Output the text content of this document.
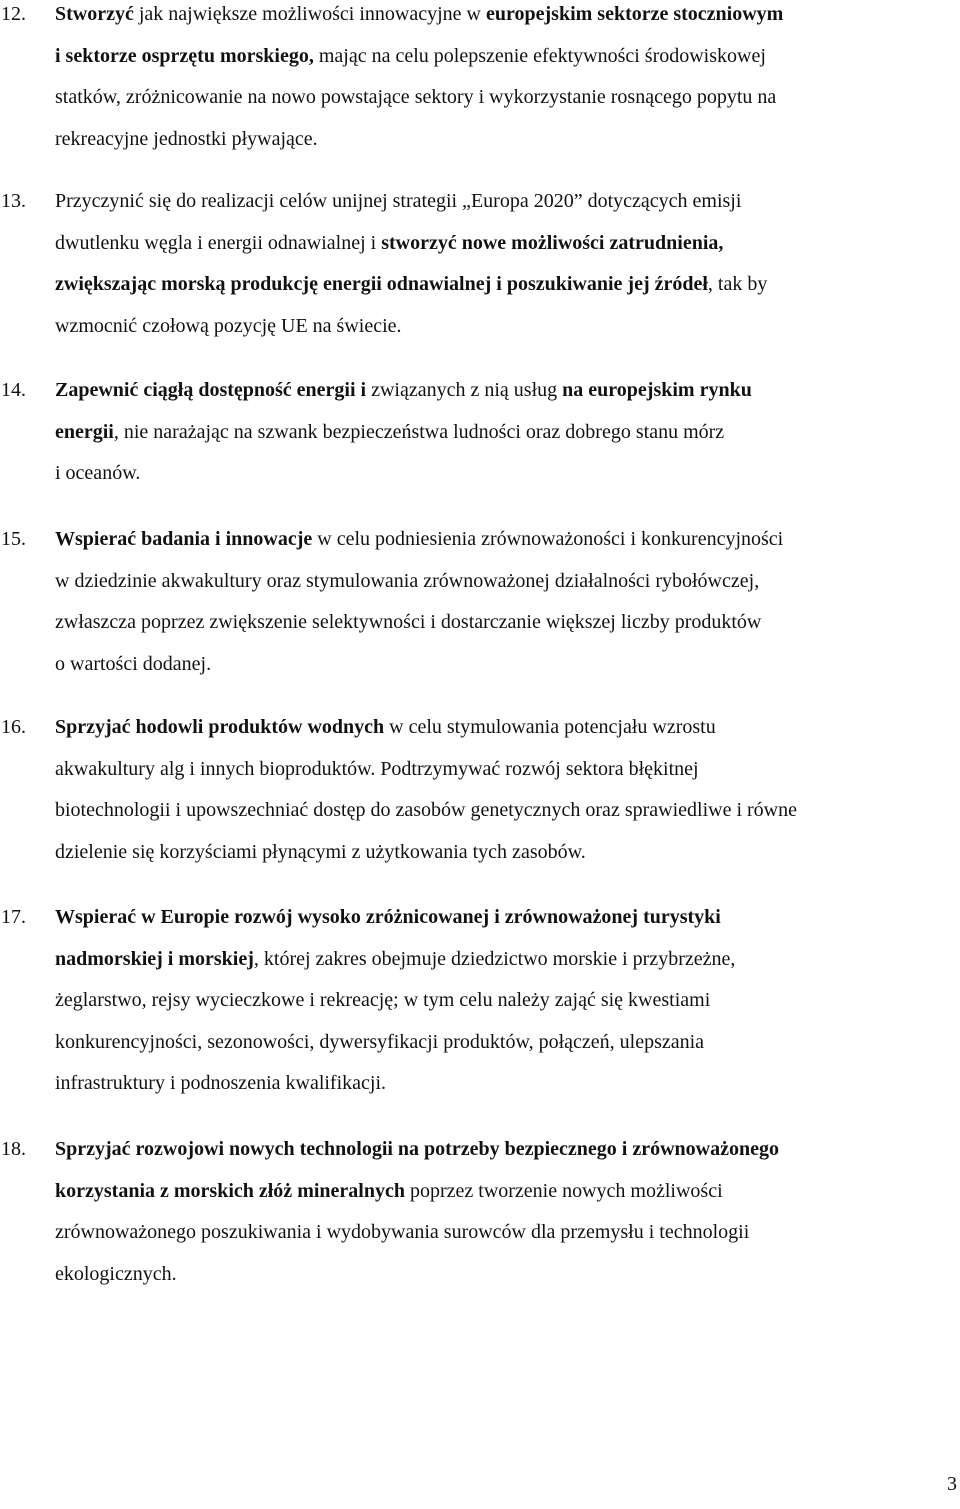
12. Stworzyć jak największe możliwości innowacyjne w europejskim sektorze stoczniowym
i sektorze osprzętu morskiego, mając na celu polepszenie efektywności środowiskowej
statków, zróżnicowanie na nowo powstające sektory i wykorzystanie rosnącego popytu na
rekreacyjne jednostki pływające.
13. Przyczynić się do realizacji celów unijnej strategii „Europa 2020” dotyczących emisji
dwutlenku węgla i energii odnawialnej i stworzyć nowe możliwości zatrudnienia,
zwiększając morską produkcję energii odnawialnej i poszukiwanie jej źródeł, tak by
wzmocnić czołową pozycję UE na świecie.
14. Zapewnić ciągłą dostępność energii i związanych z nią usług na europejskim rynku
energii, nie narażając na szwank bezpieczeństwa ludności oraz dobrego stanu mórz
i oceanów.
15. Wspierać badania i innowacje w celu podniesienia zrównoważoności i konkurencyjności
w dziedzinie akwakultury oraz stymulowania zrównoważonej działalności rybołówczej,
zwłaszcza poprzez zwiększenie selektywności i dostarczanie większej liczby produktów
o wartości dodanej.
16. Sprzyjać hodowli produktów wodnych w celu stymulowania potencjału wzrostu
akwakultury alg i innych bioproduktów. Podtrzymywać rozwój sektora błękitnej
biotechnologii i upowszechniać dostęp do zasobów genetycznych oraz sprawiedliwe i równe
dzielenie się korzyściami płynącymi z użytkowania tych zasobów.
17. Wspierać w Europie rozwój wysoko zróżnicowanej i zrównoważonej turystyki
nadmorskiej i morskiej, której zakres obejmuje dziedzictwo morskie i przybrzeżne,
żeglarstwo, rejsy wycieczkowe i rekreację; w tym celu należy zająć się kwestiami
konkurencyjności, sezonowości, dywersyfikacji produktów, połączeń, ulepszania
infrastruktury i podnoszenia kwalifikacji.
18. Sprzyjać rozwojowi nowych technologii na potrzeby bezpiecznego i zrównoważonego
korzystania z morskich złóż mineralnych poprzez tworzenie nowych możliwości
zrównoważonego poszukiwania i wydobywania surowców dla przemysłu i technologii
ekologicznych.
3
